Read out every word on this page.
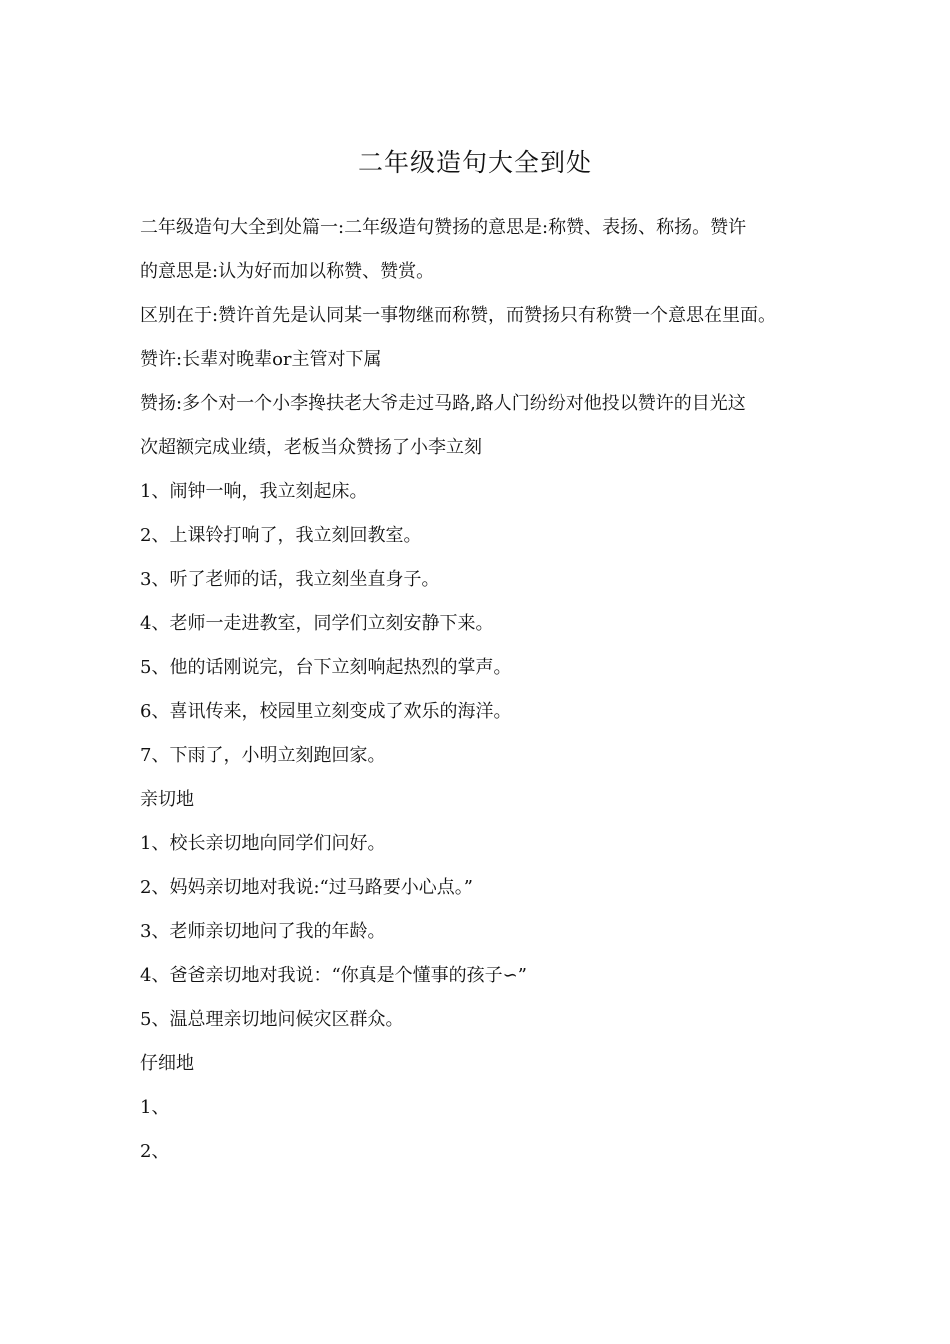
二年级造句大全到处
二年级造句大全到处篇一:二年级造句赞扬的意思是:称赞、表扬、称扬。赞许
的意思是:认为好而加以称赞、赞赏。
区别在于:赞许首先是认同某一事物继而称赞，而赞扬只有称赞一个意思在里面。
赞许:长辈对晚辈or主管对下属
赞扬:多个对一个小李搀扶老大爷走过马路,路人门纷纷对他投以赞许的目光这
次超额完成业绩，老板当众赞扬了小李立刻
1、闹钟一响，我立刻起床。
2、上课铃打响了，我立刻回教室。
3、听了老师的话，我立刻坐直身子。
4、老师一走进教室，同学们立刻安静下来。
5、他的话刚说完，台下立刻响起热烈的掌声。
6、喜讯传来，校园里立刻变成了欢乐的海洋。
7、下雨了，小明立刻跑回家。
亲切地
1、校长亲切地向同学们问好。
2、妈妈亲切地对我说:“过马路要小心点。”
3、老师亲切地问了我的年龄。
4、爸爸亲切地对我说：“你真是个懂事的孩子∽”
5、温总理亲切地问候灾区群众。
仔细地
1、
2、
